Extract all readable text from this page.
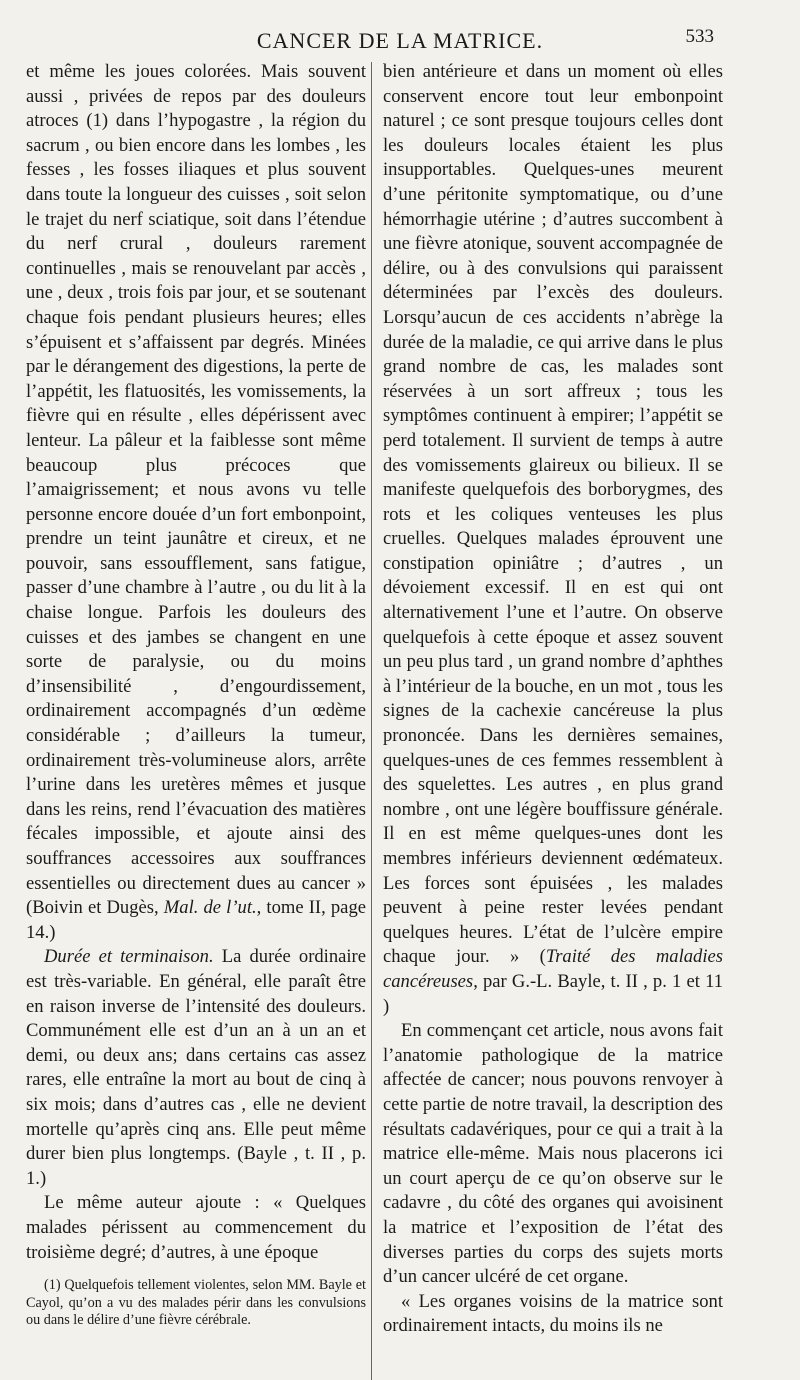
CANCER DE LA MATRICE.	533

et même les joues colorées. Mais souvent aussi , privées de repos par des douleurs atroces (1) dans l’hypogastre , la région du sacrum , ou bien encore dans les lombes , les fesses , les fosses iliaques et plus souvent dans toute la longueur des cuisses , soit selon le trajet du nerf sciatique, soit dans l’étendue du nerf crural , douleurs rarement continuelles , mais se renouvelant par accès , une , deux , trois fois par jour, et se soutenant chaque fois pendant plusieurs heures; elles s’épuisent et s’affaissent par degrés. Minées par le dérangement des digestions, la perte de l’appétit, les flatuosités, les vomissements, la fièvre qui en résulte , elles dépérissent avec lenteur. La pâleur et la faiblesse sont même beaucoup plus précoces que l’amaigrissement; et nous avons vu telle personne encore douée d’un fort embonpoint, prendre un teint jaunâtre et cireux, et ne pouvoir, sans essoufflement, sans fatigue, passer d’une chambre à l’autre , ou du lit à la chaise longue. Parfois les douleurs des cuisses et des jambes se changent en une sorte de paralysie, ou du moins d’insensibilité , d’engourdissement, ordinairement accompagnés d’un œdème considérable ; d’ailleurs la tumeur, ordinairement très-volumineuse alors, arrête l’urine dans les uretères mêmes et jusque dans les reins, rend l’évacuation des matières fécales impossible, et ajoute ainsi des souffrances accessoires aux souffrances essentielles ou directement dues au cancer » (Boivin et Dugès, Mal. de l’ut., tome II, page 14.)

Durée et terminaison. La durée ordinaire est très-variable. En général, elle paraît être en raison inverse de l’intensité des douleurs. Communément elle est d’un an à un an et demi, ou deux ans; dans certains cas assez rares, elle entraîne la mort au bout de cinq à six mois; dans d’autres cas , elle ne devient mortelle qu’après cinq ans. Elle peut même durer bien plus longtemps. (Bayle , t. II , p. 1.)

Le même auteur ajoute : « Quelques malades périssent au commencement du troisième degré; d’autres, à une époque

(1) Quelquefois tellement violentes, selon MM. Bayle et Cayol, qu’on a vu des malades périr dans les convulsions ou dans le délire d’une fièvre cérébrale.

bien antérieure et dans un moment où elles conservent encore tout leur embonpoint naturel ; ce sont presque toujours celles dont les douleurs locales étaient les plus insupportables. Quelques-unes meurent d’une péritonite symptomatique, ou d’une hémorrhagie utérine ; d’autres succombent à une fièvre atonique, souvent accompagnée de délire, ou à des convulsions qui paraissent déterminées par l’excès des douleurs. Lorsqu’aucun de ces accidents n’abrège la durée de la maladie, ce qui arrive dans le plus grand nombre de cas, les malades sont réservées à un sort affreux ; tous les symptômes continuent à empirer; l’appétit se perd totalement. Il survient de temps à autre des vomissements glaireux ou bilieux. Il se manifeste quelquefois des borborygmes, des rots et les coliques venteuses les plus cruelles. Quelques malades éprouvent une constipation opiniâtre ; d’autres , un dévoiement excessif. Il en est qui ont alternativement l’une et l’autre. On observe quelquefois à cette époque et assez souvent un peu plus tard , un grand nombre d’aphthes à l’intérieur de la bouche, en un mot , tous les signes de la cachexie cancéreuse la plus prononcée. Dans les dernières semaines, quelques-unes de ces femmes ressemblent à des squelettes. Les autres , en plus grand nombre , ont une légère bouffissure générale. Il en est même quelques-unes dont les membres inférieurs deviennent œdémateux. Les forces sont épuisées , les malades peuvent à peine rester levées pendant quelques heures. L’état de l’ulcère empire chaque jour. » (Traité des maladies cancéreuses, par G.-L. Bayle, t. II , p. 1 et 11 )

En commençant cet article, nous avons fait l’anatomie pathologique de la matrice affectée de cancer; nous pouvons renvoyer à cette partie de notre travail, la description des résultats cadavériques, pour ce qui a trait à la matrice elle-même. Mais nous placerons ici un court aperçu de ce qu’on observe sur le cadavre , du côté des organes qui avoisinent la matrice et l’exposition de l’état des diverses parties du corps des sujets morts d’un cancer ulcéré de cet organe.

« Les organes voisins de la matrice sont ordinairement intacts, du moins ils ne
